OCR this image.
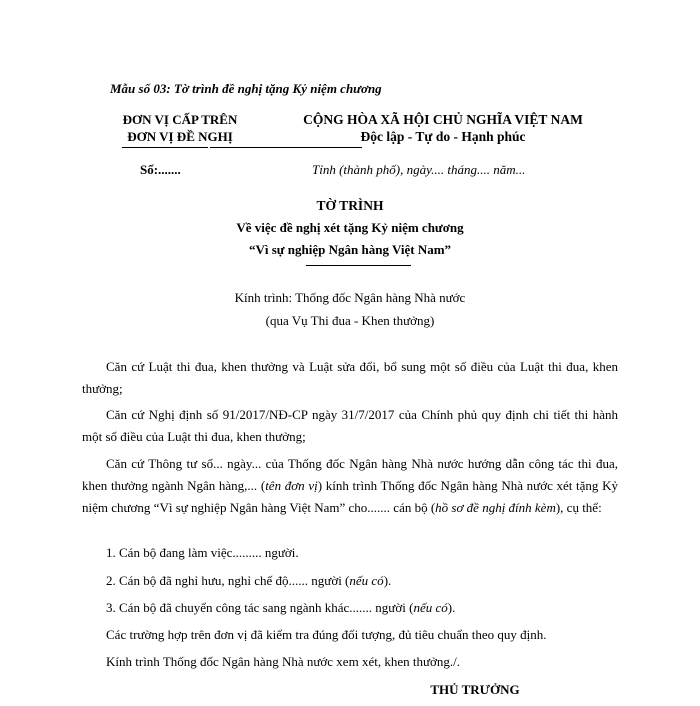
Mẫu số 03: Tờ trình đề nghị tặng Kỷ niệm chương
ĐƠN VỊ CẤP TRÊN
ĐƠN VỊ ĐỀ NGHỊ
CỘNG HÒA XÃ HỘI CHỦ NGHĨA VIỆT NAM
Độc lập - Tự do - Hạnh phúc
Số:.......	Tỉnh (thành phố), ngày.... tháng.... năm...
TỜ TRÌNH
Về việc đề nghị xét tặng Kỷ niệm chương
“Vì sự nghiệp Ngân hàng Việt Nam”
Kính trình: Thống đốc Ngân hàng Nhà nước
(qua Vụ Thi đua - Khen thưởng)
Căn cứ Luật thi đua, khen thưởng và Luật sửa đổi, bổ sung một số điều của Luật thi đua, khen thưởng;
Căn cứ Nghị định số 91/2017/NĐ-CP ngày 31/7/2017 của Chính phủ quy định chi tiết thi hành một số điều của Luật thi đua, khen thưởng;
Căn cứ Thông tư số... ngày... của Thống đốc Ngân hàng Nhà nước hướng dẫn công tác thi đua, khen thưởng ngành Ngân hàng,... (tên đơn vị) kính trình Thống đốc Ngân hàng Nhà nước xét tặng Kỷ niệm chương “Vì sự nghiệp Ngân hàng Việt Nam” cho....... cán bộ (hồ sơ đề nghị đính kèm), cụ thể:
1. Cán bộ đang làm việc......... người.
2. Cán bộ đã nghỉ hưu, nghỉ chế độ...... người (nếu có).
3. Cán bộ đã chuyển công tác sang ngành khác....... người (nếu có).
Các trường hợp trên đơn vị đã kiểm tra đúng đối tượng, đủ tiêu chuẩn theo quy định.
Kính trình Thống đốc Ngân hàng Nhà nước xem xét, khen thưởng./.
THỦ TRƯỞNG
